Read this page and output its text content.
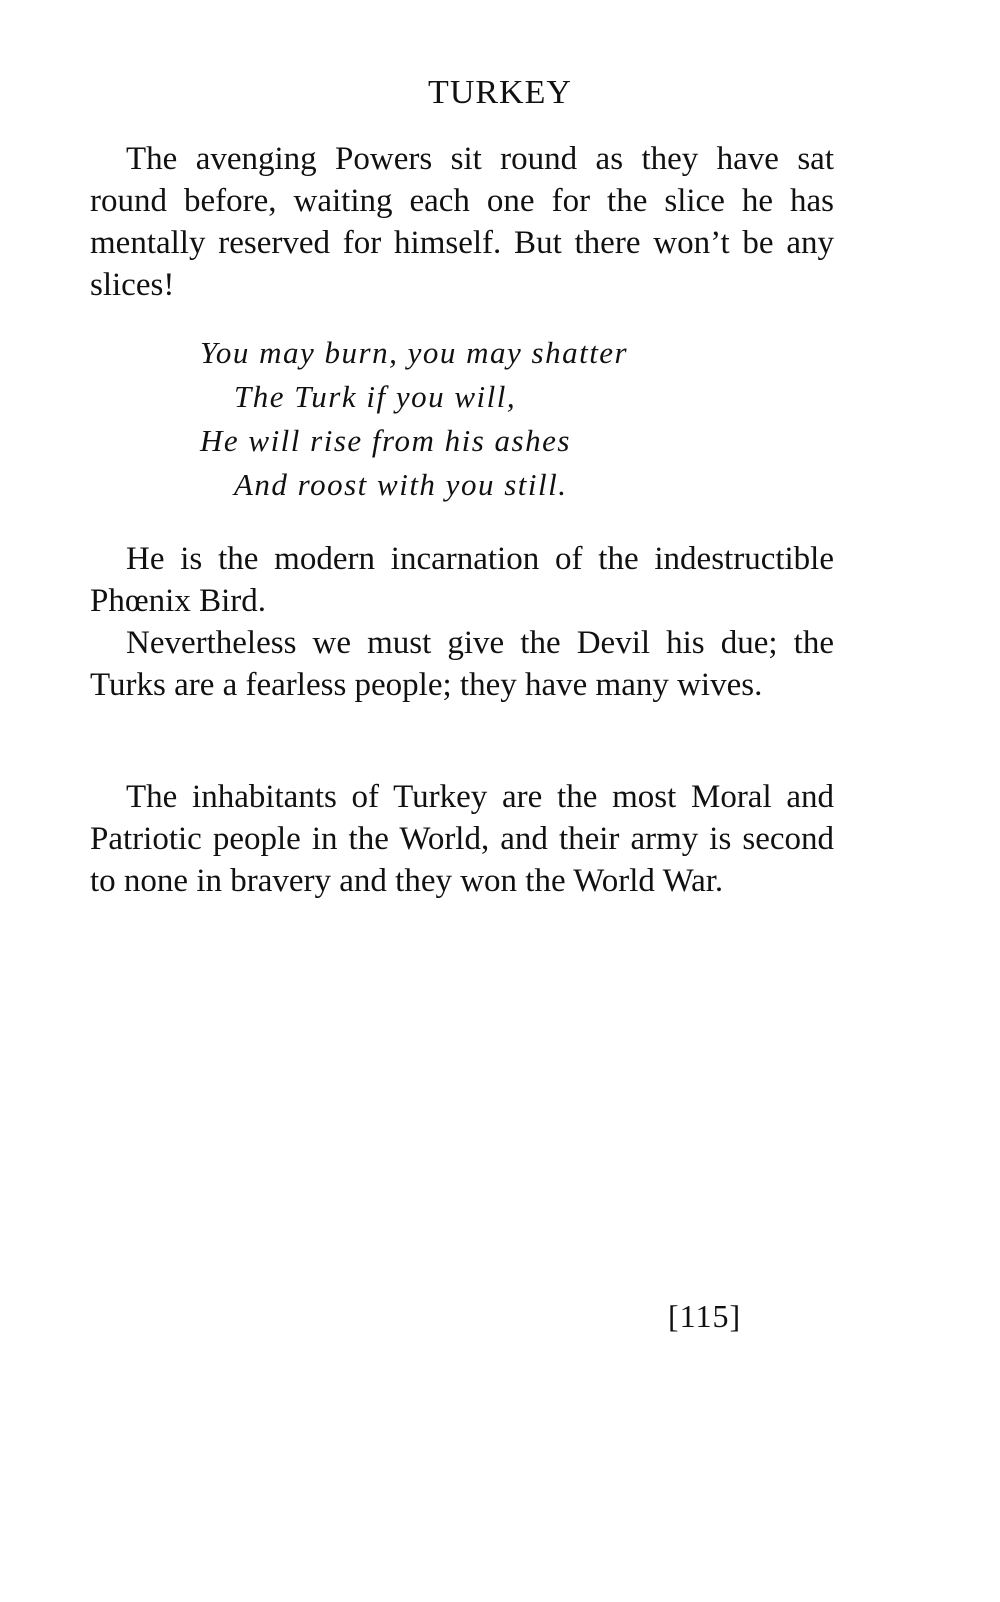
TURKEY

The avenging Powers sit round as they have sat round before, waiting each one for the slice he has mentally reserved for himself. But there won’t be any slices!

You may burn, you may shatter
The Turk if you will,
He will rise from his ashes
And roost with you still.

He is the modern incarnation of the indestructible Phœnix Bird.

Nevertheless we must give the Devil his due; the Turks are a fearless people; they have many wives.

The inhabitants of Turkey are the most Moral and Patriotic people in the World, and their army is second to none in bravery and they won the World War.

[115]
